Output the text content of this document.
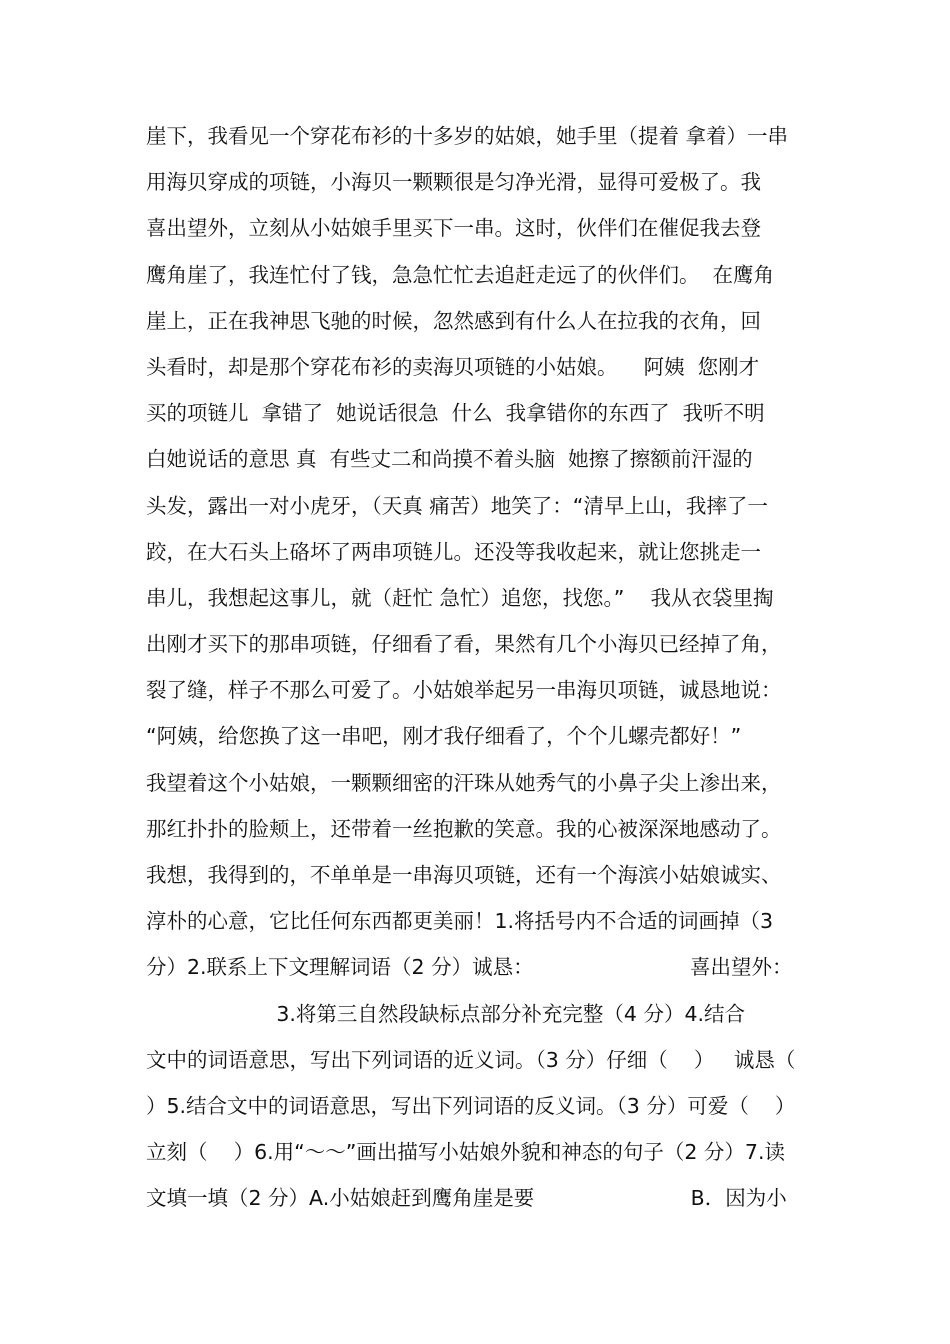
崖下，我看见一个穿花布衫的十多岁的姑娘，她手里（提着 拿着）一串
用海贝穿成的项链，小海贝一颗颗很是匀净光滑，显得可爱极了。我
喜出望外，立刻从小姑娘手里买下一串。这时，伙伴们在催促我去登
鹰角崖了，我连忙付了钱，急急忙忙去追赶走远了的伙伴们。  在鹰角
崖上，正在我神思飞驰的时候，忽然感到有什么人在拉我的衣角，回
头看时，却是那个穿花布衫的卖海贝项链的小姑娘。    阿姨  您刚才
买的项链儿  拿错了  她说话很急  什么  我拿错你的东西了  我听不明
白她说话的意思 真  有些丈二和尚摸不着头脑  她擦了擦额前汗湿的
头发，露出一对小虎牙，（天真 痛苦）地笑了：“清早上山，我摔了一
跤，在大石头上硌坏了两串项链儿。还没等我收起来，就让您挑走一
串儿，我想起这事儿，就（赶忙 急忙）追您，找您。”    我从衣袋里掏
出刚才买下的那串项链，仔细看了看，果然有几个小海贝已经掉了角，
裂了缝，样子不那么可爱了。小姑娘举起另一串海贝项链，诚恳地说：
“阿姨，给您换了这一串吧，刚才我仔细看了，个个儿螺壳都好！”
我望着这个小姑娘，一颗颗细密的汗珠从她秀气的小鼻子尖上渗出来，
那红扑扑的脸颊上，还带着一丝抱歉的笑意。我的心被深深地感动了。
我想，我得到的，不单单是一串海贝项链，还有一个海滨小姑娘诚实、
淳朴的心意，它比任何东西都更美丽！1.将括号内不合适的词画掉（3
分）2.联系上下文理解词语（2 分）诚恳：                        喜出望外：
3.将第三自然段缺标点部分补充完整（4 分）4.结合
文中的词语意思，写出下列词语的近义词。（3 分）仔细（    ）   诚恳（
）5.结合文中的词语意思，写出下列词语的反义词。（3 分）可爱（    ）
立刻（    ）6.用“～～”画出描写小姑娘外貌和神态的句子（2 分）7.读
文填一填（2 分）A.小姑娘赶到鹰角崖是要                        B．因为小
